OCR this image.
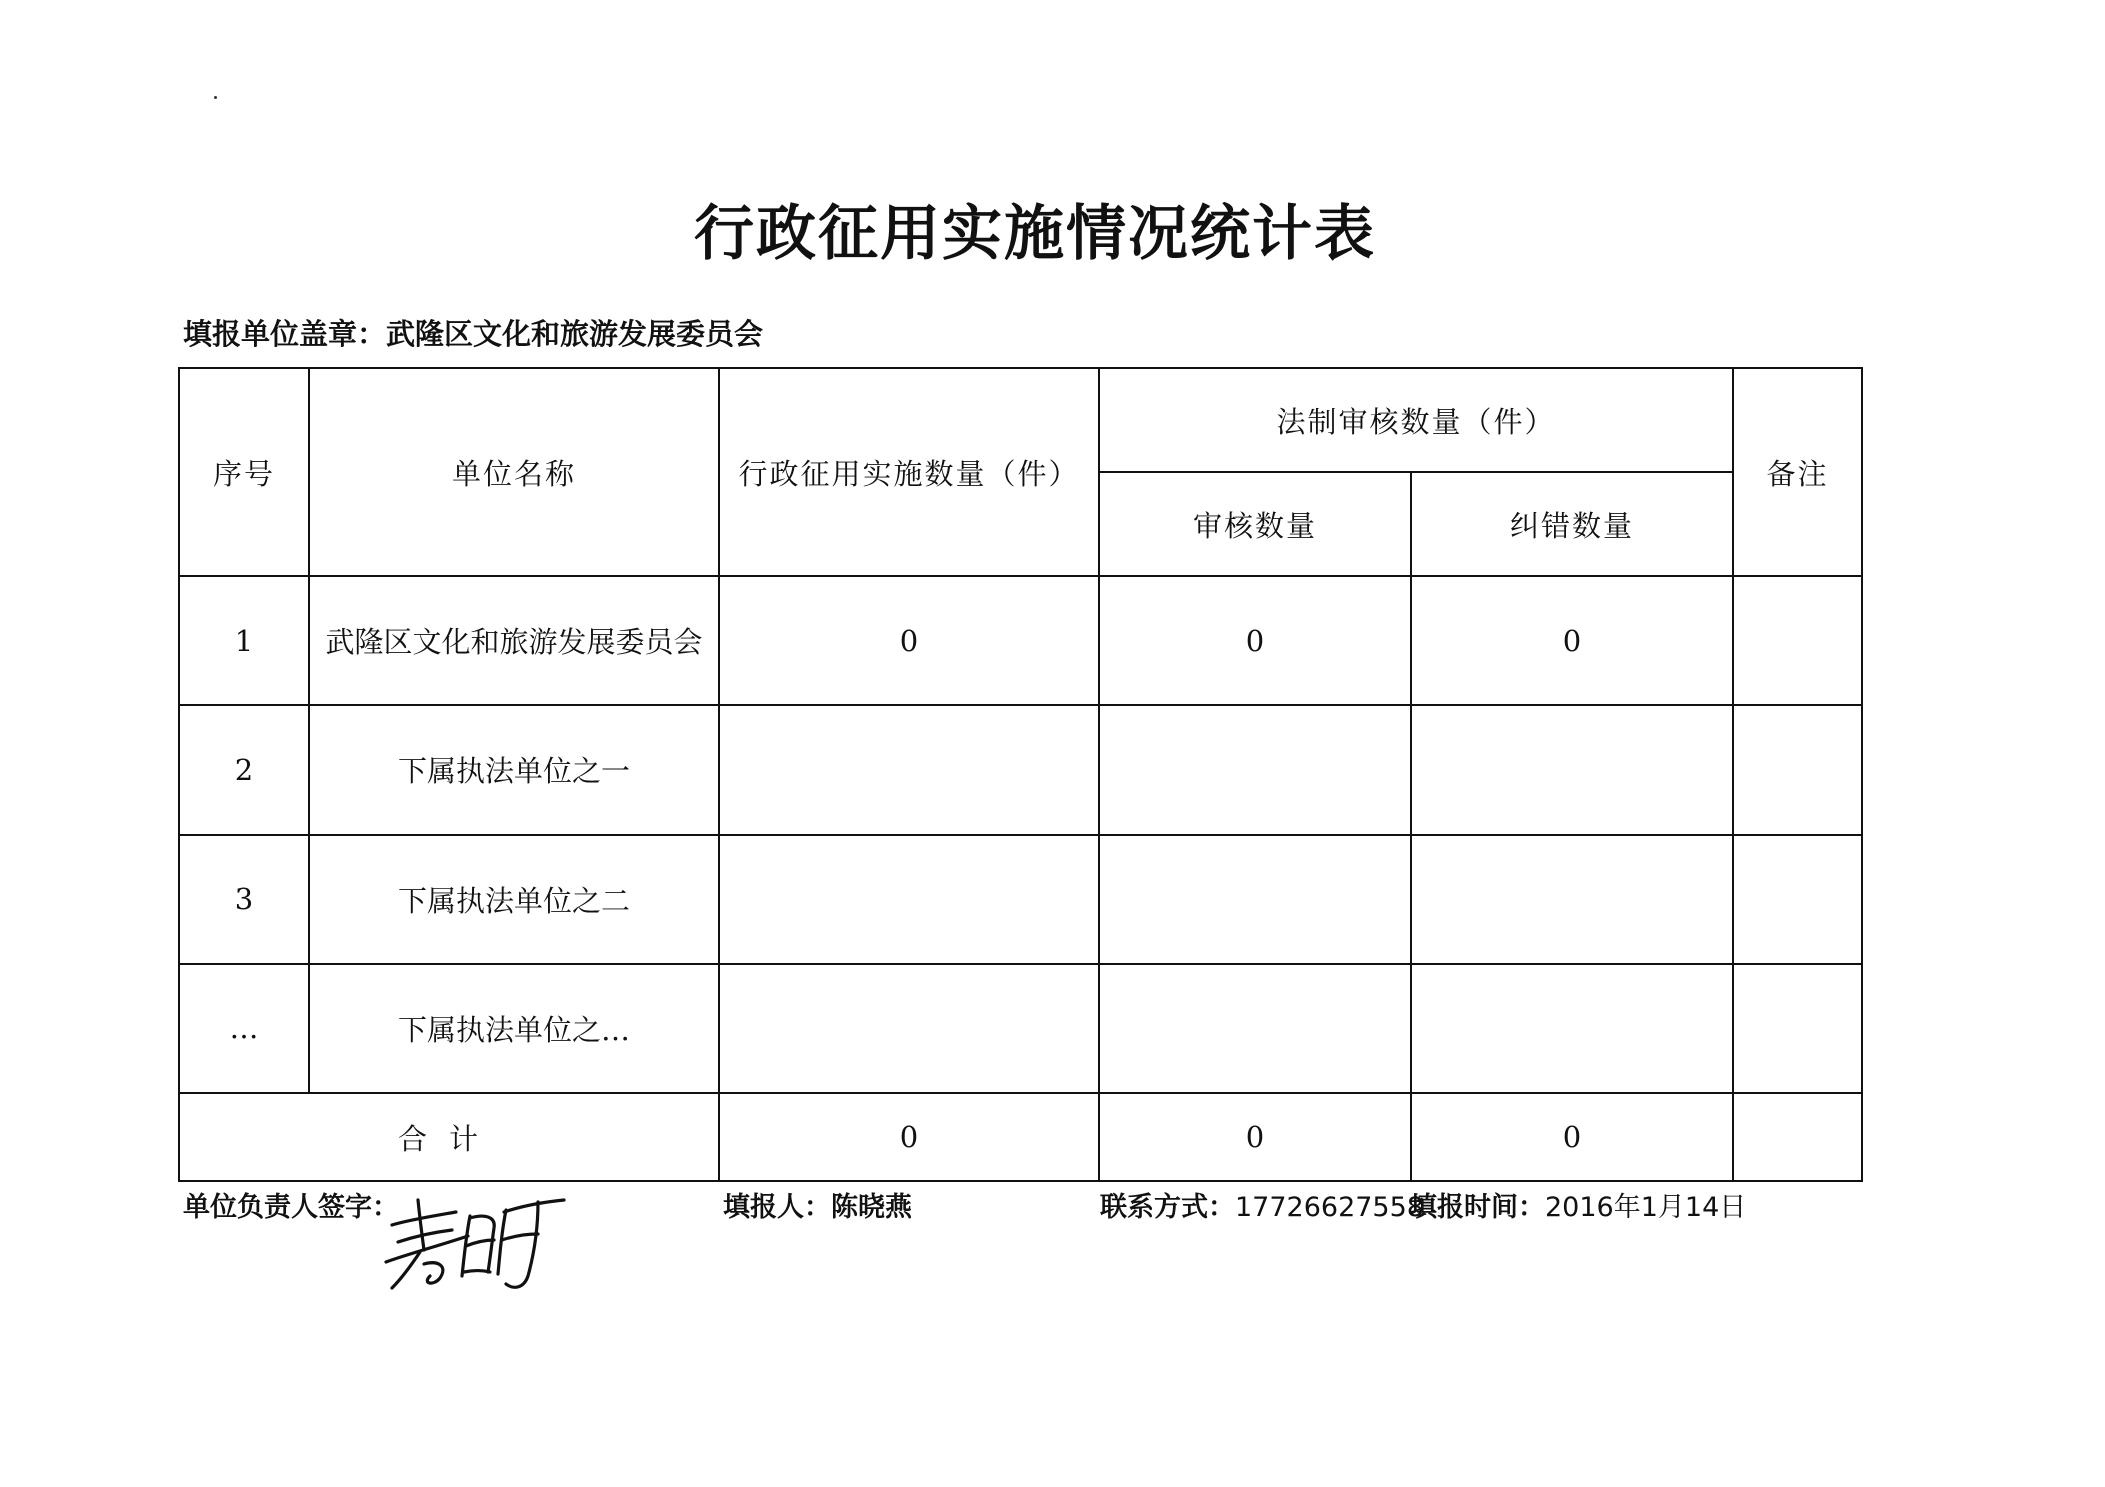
行政征用实施情况统计表
填报单位盖章：武隆区文化和旅游发展委员会
序号	单位名称	行政征用实施数量（件）	法制审核数量（件）		备注
			审核数量	纠错数量	
1	武隆区文化和旅游发展委员会	0	0	0	
2	下属执法单位之一				
3	下属执法单位之二				
…	下属执法单位之…				
合计		0	0	0	
单位负责人签字：	填报人：陈晓燕	联系方式：17726627558
填报时间：2016年1月14日
